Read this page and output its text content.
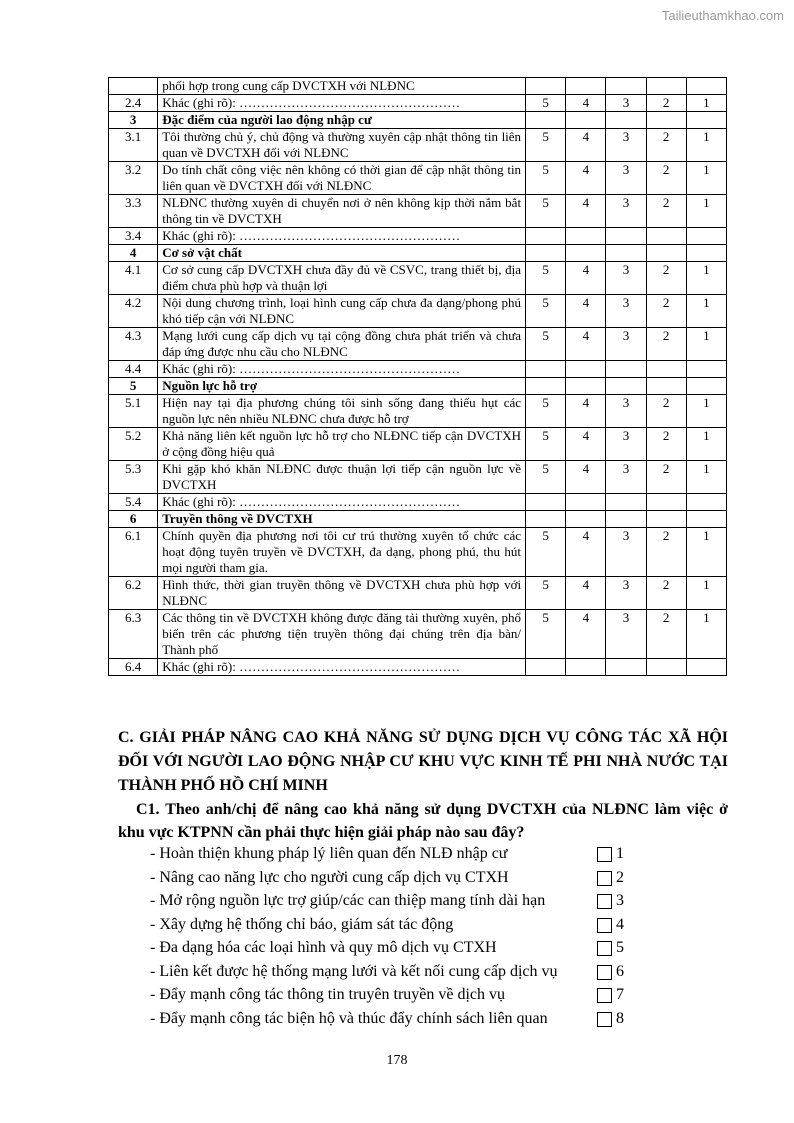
Tailieuthamkhao.com
	phối hợp trong cung cấp DVCTXH với NLĐNC					
2.4	Khác (ghi rõ): ……………………………………………	5	4	3	2	1
3	Đặc điểm của người lao động nhập cư					
3.1	Tôi thường chủ ý, chủ động và thường xuyên cập nhật thông tin liên quan về DVCTXH đối với NLĐNC	5	4	3	2	1
3.2	Do tính chất công việc nên không có thời gian để cập nhật thông tin liên quan về DVCTXH đối với NLĐNC	5	4	3	2	1
3.3	NLĐNC thường xuyên di chuyển nơi ở nên không kịp thời nắm bắt thông tin về DVCTXH	5	4	3	2	1
3.4	Khác (ghi rõ): ……………………………………………					
4	Cơ sở vật chất					
4.1	Cơ sở cung cấp DVCTXH chưa đầy đủ về CSVC, trang thiết bị, địa điểm chưa phù hợp và thuận lợi	5	4	3	2	1
4.2	Nội dung chương trình, loại hình cung cấp chưa đa dạng/phong phú khó tiếp cận với NLĐNC	5	4	3	2	1
4.3	Mạng lưới cung cấp dịch vụ tại cộng đồng chưa phát triển và chưa đáp ứng được nhu cầu cho NLĐNC	5	4	3	2	1
4.4	Khác (ghi rõ): ……………………………………………					
5	Nguồn lực hỗ trợ					
5.1	Hiện nay tại địa phương chúng tôi sinh sống đang thiếu hụt các nguồn lực nên nhiều NLĐNC chưa được hỗ trợ	5	4	3	2	1
5.2	Khả năng liên kết nguồn lực hỗ trợ cho NLĐNC tiếp cận DVCTXH ở cộng đồng hiệu quả	5	4	3	2	1
5.3	Khi gặp khó khăn NLĐNC được thuận lợi tiếp cận nguồn lực về DVCTXH	5	4	3	2	1
5.4	Khác (ghi rõ): ……………………………………………					
6	Truyền thông về DVCTXH					
6.1	Chính quyền địa phương nơi tôi cư trú thường xuyên tổ chức các hoạt động tuyên truyền về DVCTXH, đa dạng, phong phú, thu hút mọi người tham gia.	5	4	3	2	1
6.2	Hình thức, thời gian truyền thông về DVCTXH chưa phù hợp với NLĐNC	5	4	3	2	1
6.3	Các thông tin về DVCTXH không được đăng tải thường xuyên, phổ biến trên các phương tiện truyền thông đại chúng trên địa bàn/ Thành phố	5	4	3	2	1
6.4	Khác (ghi rõ): ……………………………………………					
C. GIẢI PHÁP NÂNG CAO KHẢ NĂNG SỬ DỤNG DỊCH VỤ CÔNG TÁC XÃ HỘI ĐỐI VỚI NGƯỜI LAO ĐỘNG NHẬP CƯ KHU VỰC KINH TẾ PHI NHÀ NƯỚC TẠI THÀNH PHỐ HỒ CHÍ MINH
C1. Theo anh/chị để nâng cao khả năng sử dụng DVCTXH của NLĐNC làm việc ở khu vực KTPNN cần phải thực hiện giải pháp nào sau đây?
- Hoàn thiện khung pháp lý liên quan đến NLĐ nhập cư	1
- Nâng cao năng lực cho người cung cấp dịch vụ CTXH	2
- Mở rộng nguồn lực trợ giúp/các can thiệp mang tính dài hạn	3
- Xây dựng hệ thống chỉ báo, giám sát tác động	4
- Đa dạng hóa các loại hình và quy mô dịch vụ CTXH	5
- Liên kết được hệ thống mạng lưới và kết nối cung cấp dịch vụ	6
- Đẩy mạnh công tác thông tin truyên truyền về dịch vụ	7
- Đẩy mạnh công tác biện hộ và thúc đẩy chính sách liên quan	8
178
